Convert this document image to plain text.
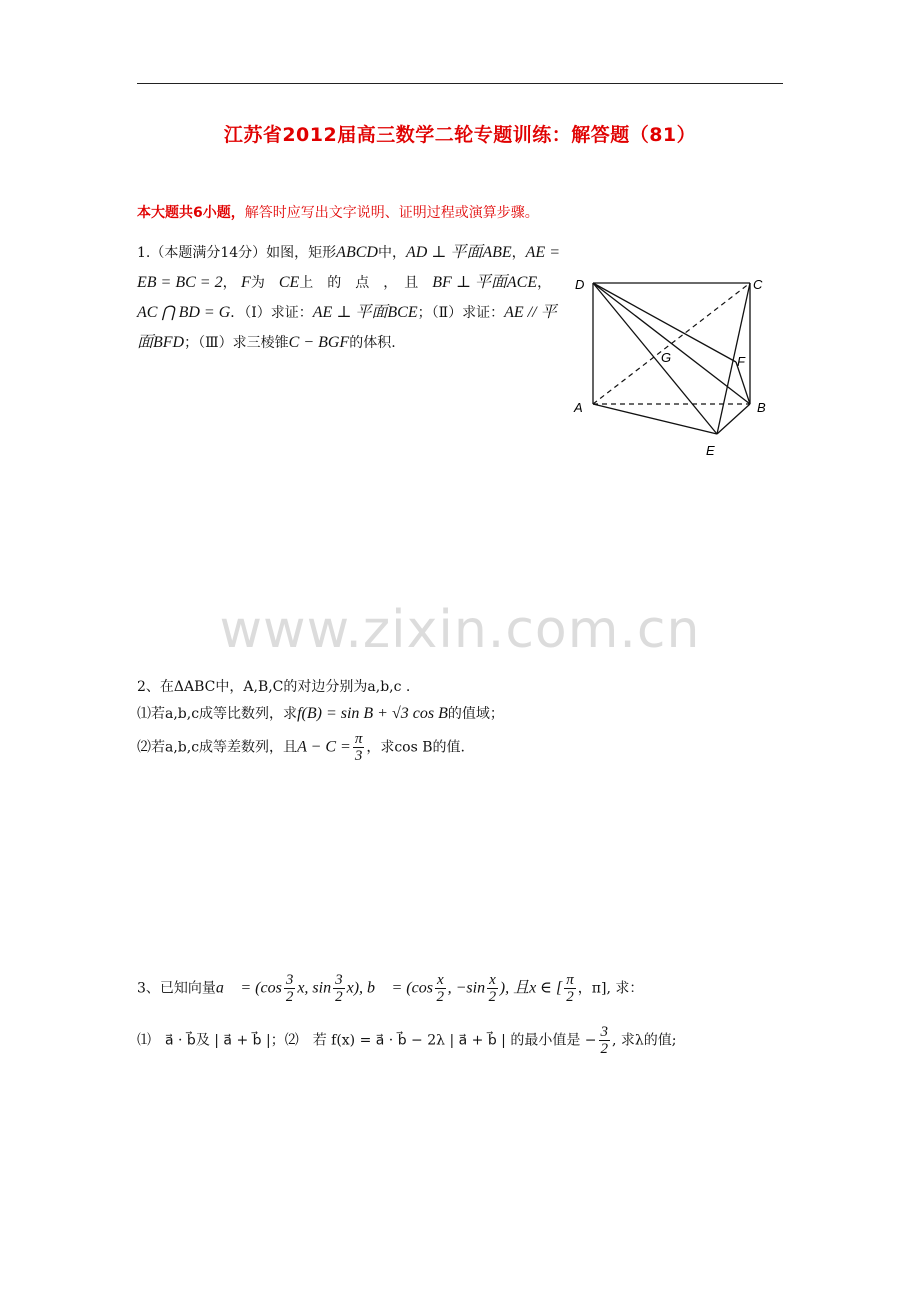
江苏省2012届高三数学二轮专题训练：解答题（81）
本大题共6小题，解答时应写出文字说明、证明过程或演算步骤。
1.（本题满分14分）如图，矩形ABCD中，AD ⊥ 平面ABE，AE = EB = BC = 2， F为　 CE上　的　点　，　且　 BF ⊥ 平面ACE， AC ⋂ BD = G．（Ⅰ）求证：AE ⊥ 平面BCE；（Ⅱ）求证：AE // 平面BFD；（Ⅲ）求三棱锥C − BGF的体积.
D	C
A	B
E
F
G
www.zixin.com.cn
2、在ΔABC中，A,B,C的对边分别为a,b,c .
⑴若a,b,c成等比数列，求f(B) = sin B + √3 cos B的值域；
⑵若a,b,c成等差数列，且$A - C = \frac{\pi}{3}$ ，求cos B的值.
3、已知向量a⃗ = ($\cos \frac{3}{2} x$, $\sin \frac{3}{2} x$), b⃗ = ($\cos \frac{x}{2}$ , $-\sin \frac{x}{2}$ ), 且x ∈ [ $\frac{\pi}{2}$ ，π], 求：
⑴　a⃗ · b⃗及 | a⃗ + b⃗ |；⑵　若 f(x) = a⃗ · b⃗ − 2λ | a⃗ + b⃗ | 的最小值是 − $\frac{3}{2}$ , 求λ的值;
